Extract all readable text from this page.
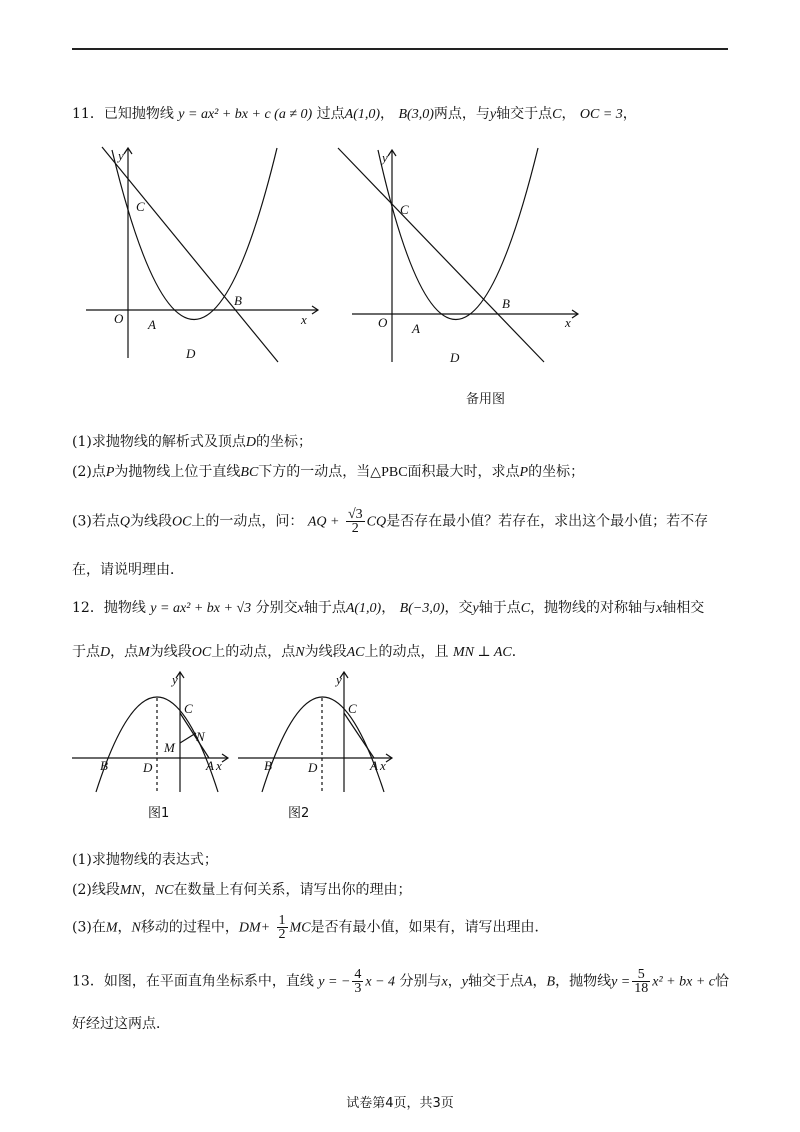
11．已知抛物线 y = ax² + bx + c (a ≠ 0) 过点A(1,0)， B(3,0)两点，与y轴交于点C， OC = 3，
y
x
O A
B
C
D
y
x
O A
B
C
D
备用图
(1)求抛物线的解析式及顶点D的坐标；
(2)点P为抛物线上位于直线BC下方的一动点，当△PBC面积最大时，求点P的坐标；
(3)若点Q为线段OC上的一动点，问： AQ + $\frac{√3}{2}$ CQ是否存在最小值？若存在，求出这个最小值；若不存
在，请说明理由．
12．抛物线 y = ax² + bx + √3 分别交x轴于点A(1,0)， B(−3,0)，交y轴于点C，抛物线的对称轴与x轴相交
于点D，点M为线段OC上的动点，点N为线段AC上的动点，且 MN ⊥ AC．
y
x
B	D
C
M
N
A
图1
y
x
B	D
C
A
图2
(1)求抛物线的表达式；
(2)线段MN，NC在数量上有何关系，请写出你的理由；
(3)在M，N移动的过程中，$DM+ \frac{1}{2}$ MC是否有最小值，如果有，请写出理由．
13．如图，在平面直角坐标系中，直线 y = − $\frac{4}{3}$ x − 4 分别与x，y轴交于点A，B，抛物线$y = \frac{5}{18} x^2$ + bx + c恰
好经过这两点．
试卷第4页，共3页
